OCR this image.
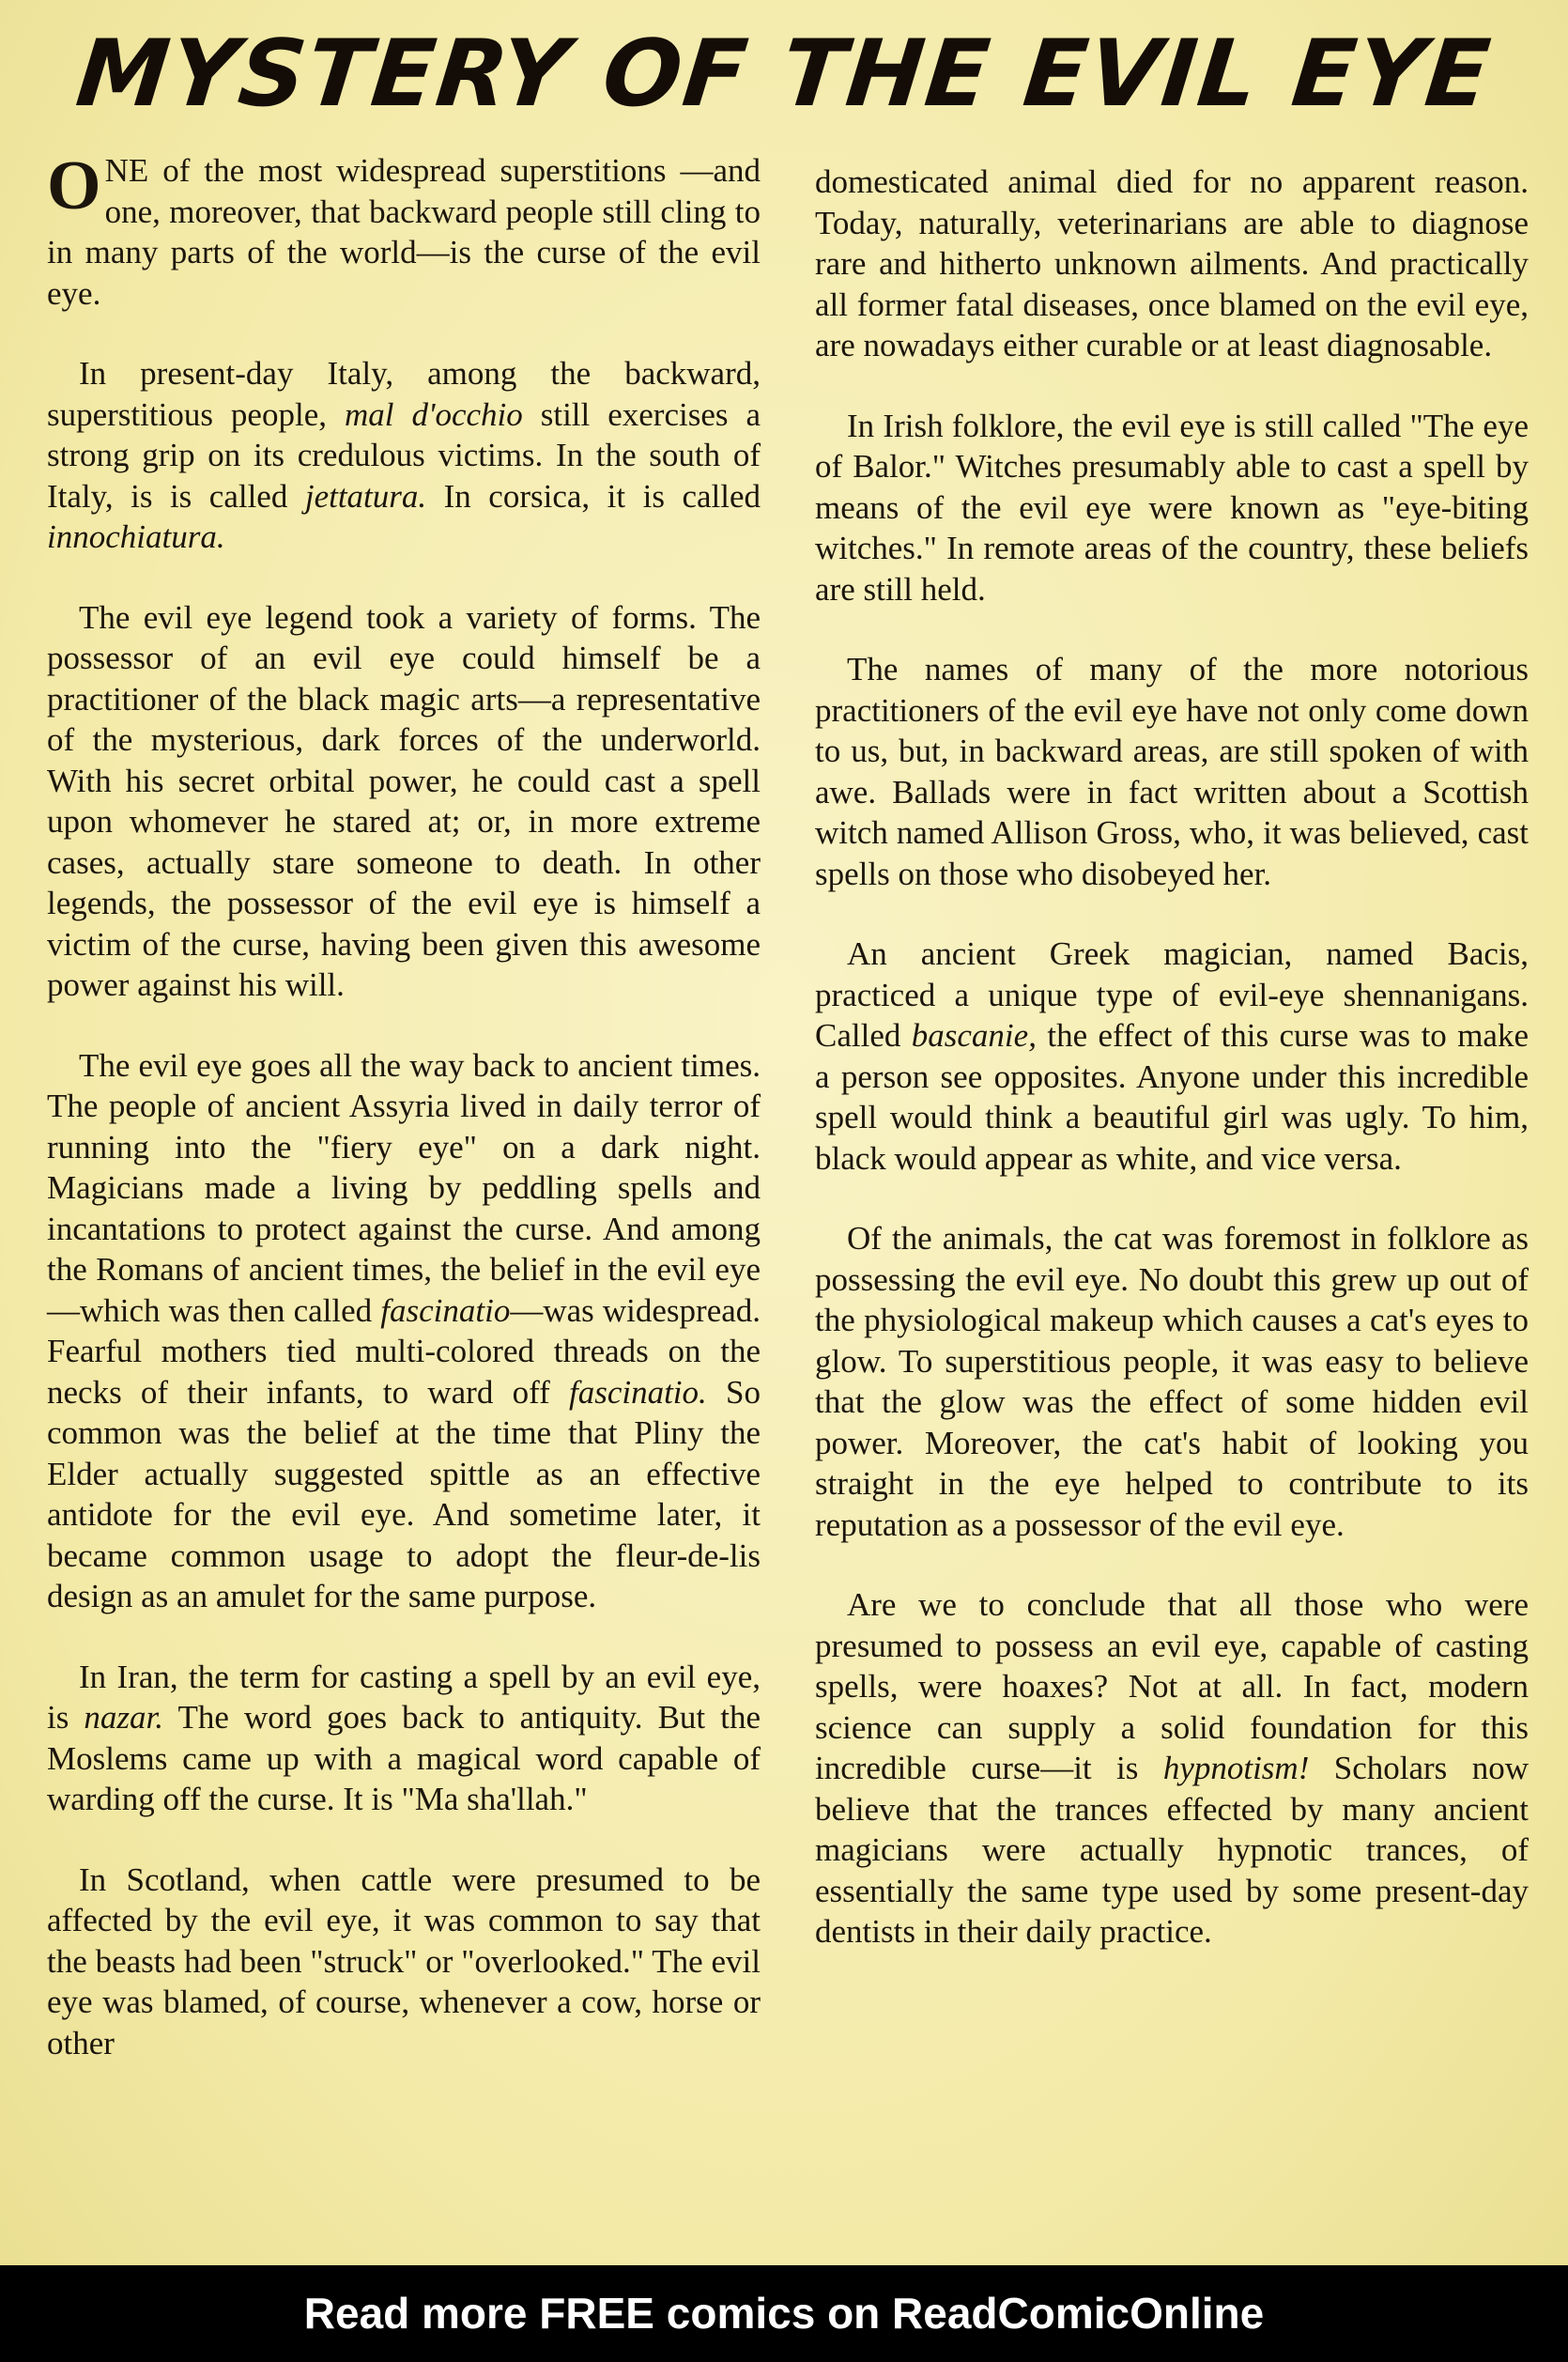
MYSTERY OF THE EVIL EYE

ONE of the most widespread superstitions —and one, moreover, that backward people still cling to in many parts of the world—is the curse of the evil eye.

In present-day Italy, among the backward, superstitious people, mal d'occhio still exercises a strong grip on its credulous victims. In the south of Italy, is is called jettatura. In corsica, it is called innochiatura.

The evil eye legend took a variety of forms. The possessor of an evil eye could himself be a practitioner of the black magic arts—a representative of the mysterious, dark forces of the underworld. With his secret orbital power, he could cast a spell upon whomever he stared at; or, in more extreme cases, actually stare someone to death. In other legends, the possessor of the evil eye is himself a victim of the curse, having been given this awesome power against his will.

The evil eye goes all the way back to ancient times. The people of ancient Assyria lived in daily terror of running into the "fiery eye" on a dark night. Magicians made a living by peddling spells and incantations to protect against the curse. And among the Romans of ancient times, the belief in the evil eye—which was then called fascinatio—was widespread. Fearful mothers tied multi-colored threads on the necks of their infants, to ward off fascinatio. So common was the belief at the time that Pliny the Elder actually suggested spittle as an effective antidote for the evil eye. And sometime later, it became common usage to adopt the fleur-de-lis design as an amulet for the same purpose.

In Iran, the term for casting a spell by an evil eye, is nazar. The word goes back to antiquity. But the Moslems came up with a magical word capable of warding off the curse. It is "Ma sha'llah."

In Scotland, when cattle were presumed to be affected by the evil eye, it was common to say that the beasts had been "struck" or "overlooked." The evil eye was blamed, of course, whenever a cow, horse or other

domesticated animal died for no apparent reason. Today, naturally, veterinarians are able to diagnose rare and hitherto unknown ailments. And practically all former fatal diseases, once blamed on the evil eye, are nowadays either curable or at least diagnosable.

In Irish folklore, the evil eye is still called "The eye of Balor." Witches presumably able to cast a spell by means of the evil eye were known as "eye-biting witches." In remote areas of the country, these beliefs are still held.

The names of many of the more notorious practitioners of the evil eye have not only come down to us, but, in backward areas, are still spoken of with awe. Ballads were in fact written about a Scottish witch named Allison Gross, who, it was believed, cast spells on those who disobeyed her.

An ancient Greek magician, named Bacis, practiced a unique type of evil-eye shennanigans. Called bascanie, the effect of this curse was to make a person see opposites. Anyone under this incredible spell would think a beautiful girl was ugly. To him, black would appear as white, and vice versa.

Of the animals, the cat was foremost in folklore as possessing the evil eye. No doubt this grew up out of the physiological makeup which causes a cat's eyes to glow. To superstitious people, it was easy to believe that the glow was the effect of some hidden evil power. Moreover, the cat's habit of looking you straight in the eye helped to contribute to its reputation as a possessor of the evil eye.

Are we to conclude that all those who were presumed to possess an evil eye, capable of casting spells, were hoaxes? Not at all. In fact, modern science can supply a solid foundation for this incredible curse—it is hypnotism! Scholars now believe that the trances effected by many ancient magicians were actually hypnotic trances, of essentially the same type used by some present-day dentists in their daily practice.

Read more FREE comics on ReadComicOnline
